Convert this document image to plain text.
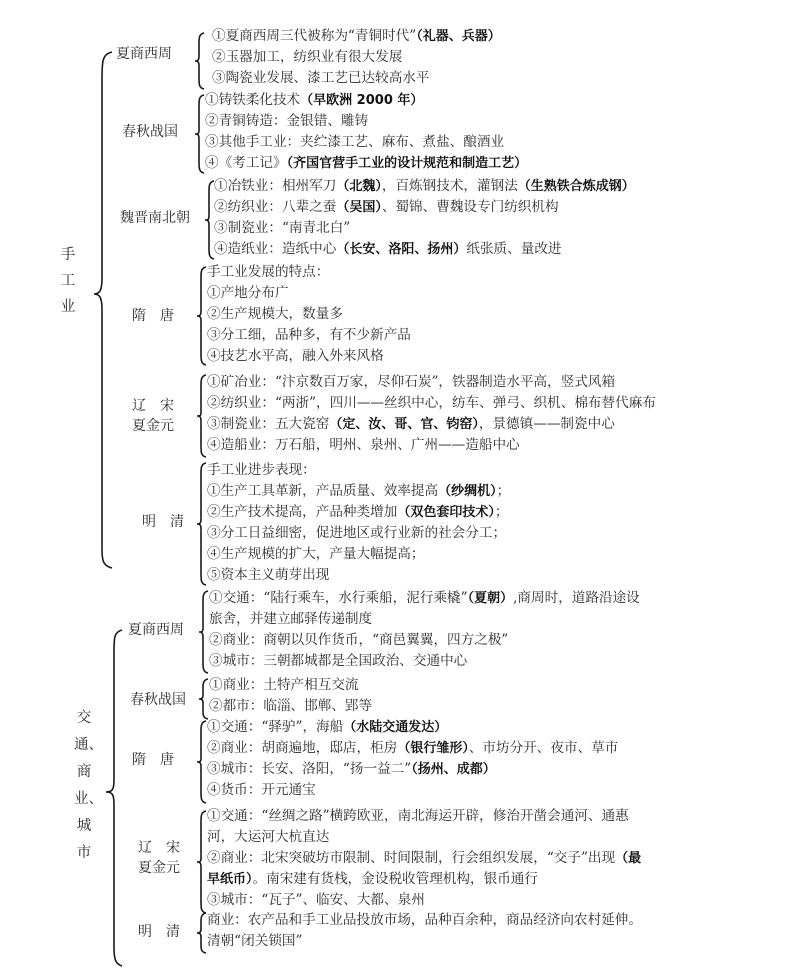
手
工
业
夏商西周
①夏商西周三代被称为“青铜时代”（礼器、兵器）
②玉器加工，纺织业有很大发展
③陶瓷业发展、漆工艺已达较高水平
春秋战国
①铸铁柔化技术（早欧洲 2000 年）
②青铜铸造：金银错、雕铸
③其他手工业：夹纻漆工艺、麻布、煮盐、酿酒业
④《考工记》（齐国官营手工业的设计规范和制造工艺）
魏晋南北朝
①冶铁业：相州军刀（北魏），百炼钢技术，灌钢法（生熟铁合炼成钢）
②纺织业：八辈之蚕（吴国）、蜀锦、曹魏设专门纺织机构
③制瓷业：“南青北白”
④造纸业：造纸中心（长安、洛阳、扬州）纸张质、量改进
隋　唐
手工业发展的特点：
①产地分布广
②生产规模大，数量多
③分工细，品种多，有不少新产品
④技艺水平高，融入外来风格
辽　宋
夏金元
①矿冶业：“汴京数百万家，尽仰石炭”，铁器制造水平高，竖式风箱
②纺织业：“两浙”，四川——丝织中心，纺车、弹弓、织机、棉布替代麻布
③制瓷业：五大瓷窑（定、汝、哥、官、钧窑），景德镇——制瓷中心
④造船业：万石船，明州、泉州、广州——造船中心
明　清
手工业进步表现：
①生产工具革新，产品质量、效率提高（纱绸机）；
②生产技术提高，产品种类增加（双色套印技术）；
③分工日益细密，促进地区或行业新的社会分工；
④生产规模的扩大，产量大幅提高；
⑤资本主义萌芽出现
交
通、
商
业、
城
市
夏商西周
①交通：“陆行乘车，水行乘船，泥行乘橇”（夏朝）,商周时，道路沿途设
旅舍，并建立邮驿传递制度
②商业：商朝以贝作货币，“商邑翼翼，四方之极”
③城市：三朝都城都是全国政治、交通中心
春秋战国
①商业：土特产相互交流
②都市：临淄、邯郸、郢等
隋　唐
①交通：“驿驴”，海船（水陆交通发达）
②商业：胡商遍地，邸店，柜房（银行雏形）、市坊分开、夜市、草市
③城市：长安、洛阳，“扬一益二”（扬州、成都）
④货币：开元通宝
辽　宋
夏金元
①交通：“丝绸之路”横跨欧亚，南北海运开辟，修治开凿会通河、通惠
河，大运河大杭直达
②商业：北宋突破坊市限制、时间限制，行会组织发展，“交子”出现（最
早纸币）。南宋建有货栈，金设税收管理机构，银币通行
③城市：“瓦子”、临安、大都、泉州
明　清
商业：农产品和手工业品投放市场，品种百余种，商品经济向农村延伸。
清朝“闭关锁国”
